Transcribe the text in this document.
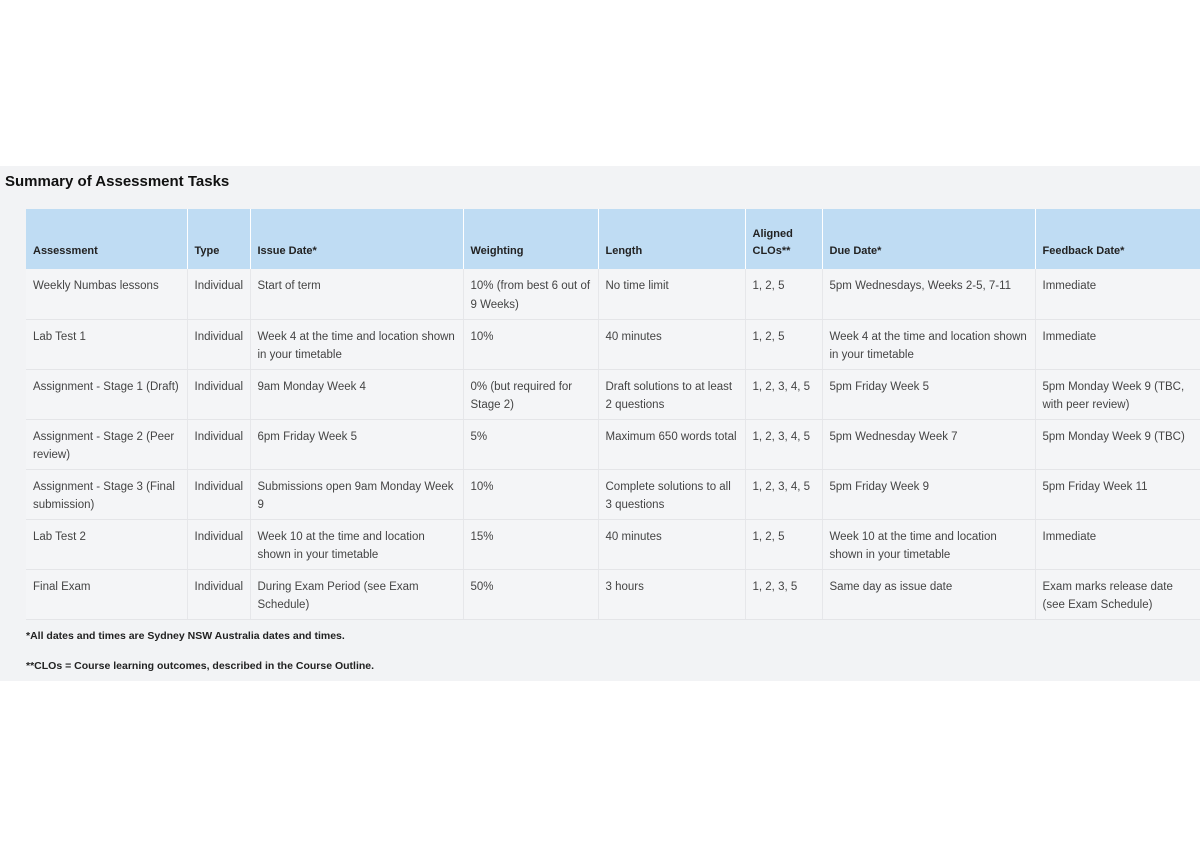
Summary of Assessment Tasks
Assessment	Type	Issue Date*	Weighting	Length	Aligned CLOs**	Due Date*	Feedback Date*
Weekly Numbas lessons	Individual	Start of term	10% (from best 6 out of 9 Weeks)	No time limit	1, 2, 5	5pm Wednesdays, Weeks 2-5, 7-11	Immediate
Lab Test 1	Individual	Week 4 at the time and location shown in your timetable	10%	40 minutes	1, 2, 5	Week 4 at the time and location shown in your timetable	Immediate
Assignment - Stage 1 (Draft)	Individual	9am Monday Week 4	0% (but required for Stage 2)	Draft solutions to at least 2 questions	1, 2, 3, 4, 5	5pm Friday Week 5	5pm Monday Week 9 (TBC, with peer review)
Assignment - Stage 2 (Peer review)	Individual	6pm Friday Week 5	5%	Maximum 650 words total	1, 2, 3, 4, 5	5pm Wednesday Week 7	5pm Monday Week 9 (TBC)
Assignment - Stage 3 (Final submission)	Individual	Submissions open 9am Monday Week 9	10%	Complete solutions to all 3 questions	1, 2, 3, 4, 5	5pm Friday Week 9	5pm Friday Week 11
Lab Test 2	Individual	Week 10 at the time and location shown in your timetable	15%	40 minutes	1, 2, 5	Week 10 at the time and location shown in your timetable	Immediate
Final Exam	Individual	During Exam Period (see Exam Schedule)	50%	3 hours	1, 2, 3, 5	Same day as issue date	Exam marks release date (see Exam Schedule)

*All dates and times are Sydney NSW Australia dates and times.

**CLOs = Course learning outcomes, described in the Course Outline.
